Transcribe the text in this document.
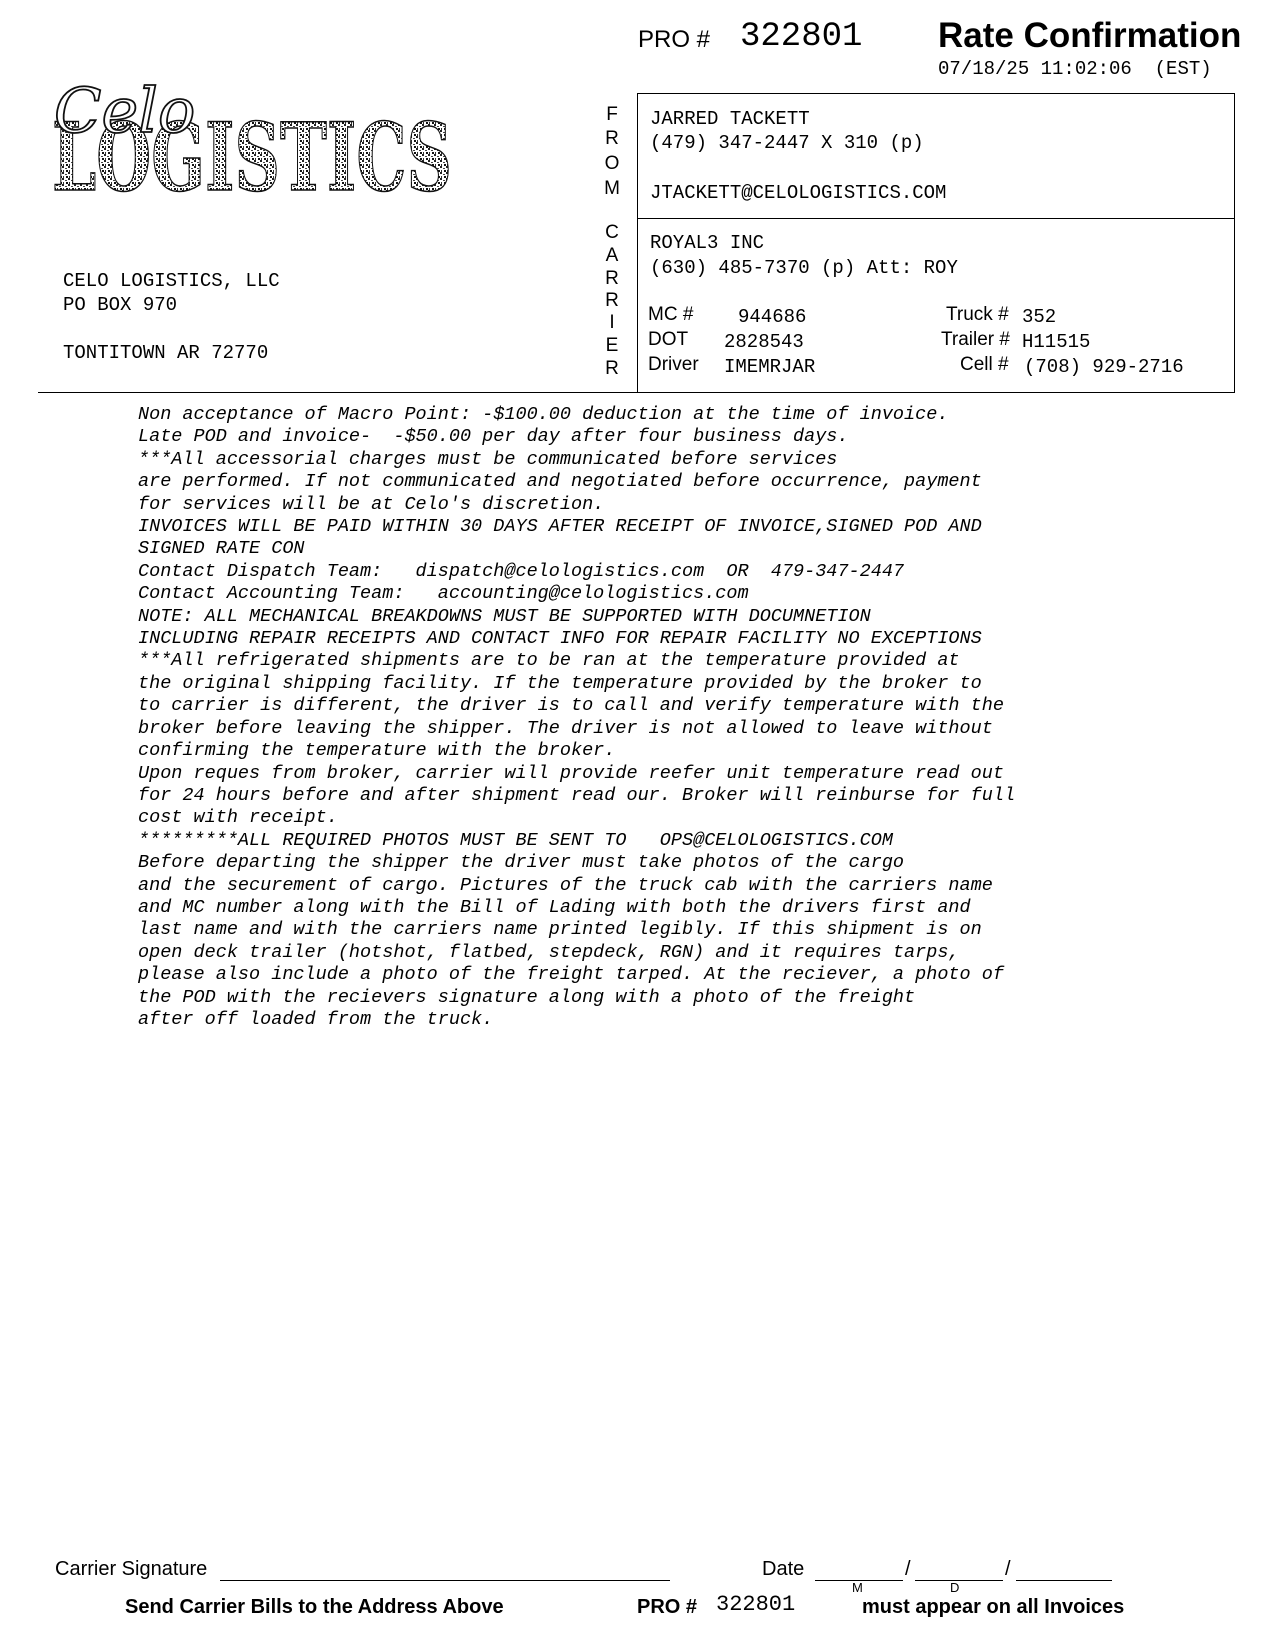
PRO # 322801 Rate Confirmation
07/18/25 11:02:06  (EST)
LOGISTICS
Celo
CELO LOGISTICS, LLC
PO BOX 970
TONTITOWN AR 72770
F
R
O
M
C
A
R
R
I
E
R
JARRED TACKETT
(479) 347-2447 X 310 (p)
JTACKETT@CELOLOGISTICS.COM
ROYAL3 INC
(630) 485-7370 (p) Att: ROY
MC # 944686
DOT 2828543
Driver IMEMRJAR
Truck # 352
Trailer # H11515
Cell # (708) 929-2716
Non acceptance of Macro Point: -$100.00 deduction at the time of invoice.
Late POD and invoice-  -$50.00 per day after four business days.
***All accessorial charges must be communicated before services
are performed. If not communicated and negotiated before occurrence, payment
for services will be at Celo's discretion.
INVOICES WILL BE PAID WITHIN 30 DAYS AFTER RECEIPT OF INVOICE,SIGNED POD AND
SIGNED RATE CON
Contact Dispatch Team:   dispatch@celologistics.com  OR  479-347-2447
Contact Accounting Team:   accounting@celologistics.com
NOTE: ALL MECHANICAL BREAKDOWNS MUST BE SUPPORTED WITH DOCUMNETION
INCLUDING REPAIR RECEIPTS AND CONTACT INFO FOR REPAIR FACILITY NO EXCEPTIONS
***All refrigerated shipments are to be ran at the temperature provided at
the original shipping facility. If the temperature provided by the broker to
to carrier is different, the driver is to call and verify temperature with the
broker before leaving the shipper. The driver is not allowed to leave without
confirming the temperature with the broker.
Upon reques from broker, carrier will provide reefer unit temperature read out
for 24 hours before and after shipment read our. Broker will reinburse for full
cost with receipt.
*********ALL REQUIRED PHOTOS MUST BE SENT TO   OPS@CELOLOGISTICS.COM
Before departing the shipper the driver must take photos of the cargo
and the securement of cargo. Pictures of the truck cab with the carriers name
and MC number along with the Bill of Lading with both the drivers first and
last name and with the carriers name printed legibly. If this shipment is on
open deck trailer (hotshot, flatbed, stepdeck, RGN) and it requires tarps,
please also include a photo of the freight tarped. At the reciever, a photo of
the POD with the recievers signature along with a photo of the freight
after off loaded from the truck.
Carrier Signature	Date	/	/
M	D
Send Carrier Bills to the Address Above	PRO # 322801	must appear on all Invoices
